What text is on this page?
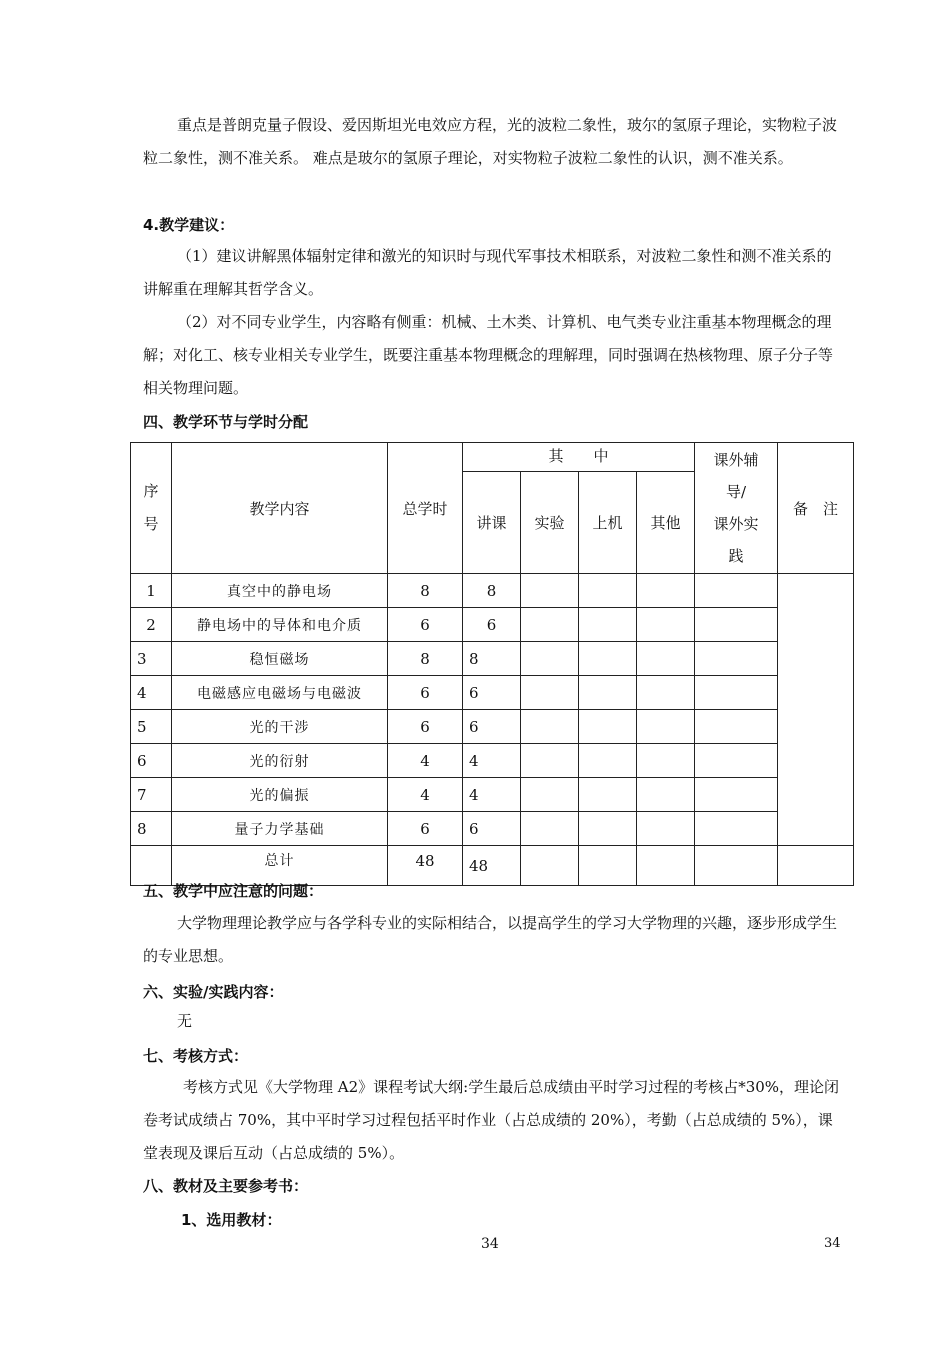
重点是普朗克量子假设、爱因斯坦光电效应方程，光的波粒二象性，玻尔的氢原子理论，实物粒子波粒二象性，测不准关系。 难点是玻尔的氢原子理论，对实物粒子波粒二象性的认识，测不准关系。

4.教学建议：

（1）建议讲解黑体辐射定律和激光的知识时与现代军事技术相联系，对波粒二象性和测不准关系的讲解重在理解其哲学含义。

（2）对不同专业学生，内容略有侧重：机械、土木类、计算机、电气类专业注重基本物理概念的理解；对化工、核专业相关专业学生，既要注重基本物理概念的理解理，同时强调在热核物理、原子分子等相关物理问题。

四、教学环节与学时分配

序
号	教学内容	总学时	其　　中				课外辅
导/
课外实
践	备　注
			讲课	实验	上机	其他		
1	真空中的静电场	8	8					
2	静电场中的导体和电介质	6	6					
3	稳恒磁场	8	8					
4	电磁感应电磁场与电磁波	6	6					
5	光的干涉	6	6					
6	光的衍射	4	4					
7	光的偏振	4	4					
8	量子力学基础	6	6					
	总计	48	48					

五、教学中应注意的问题：

大学物理理论教学应与各学科专业的实际相结合，以提高学生的学习大学物理的兴趣，逐步形成学生的专业思想。

六、实验/实践内容：

无

七、考核方式：

考核方式见《大学物理 A2》课程考试大纲:学生最后总成绩由平时学习过程的考核占*30%，理论闭卷考试成绩占 70%，其中平时学习过程包括平时作业（占总成绩的 20%），考勤（占总成绩的 5%），课堂表现及课后互动（占总成绩的 5%）。

八、教材及主要参考书：

1、选用教材：

34	34
